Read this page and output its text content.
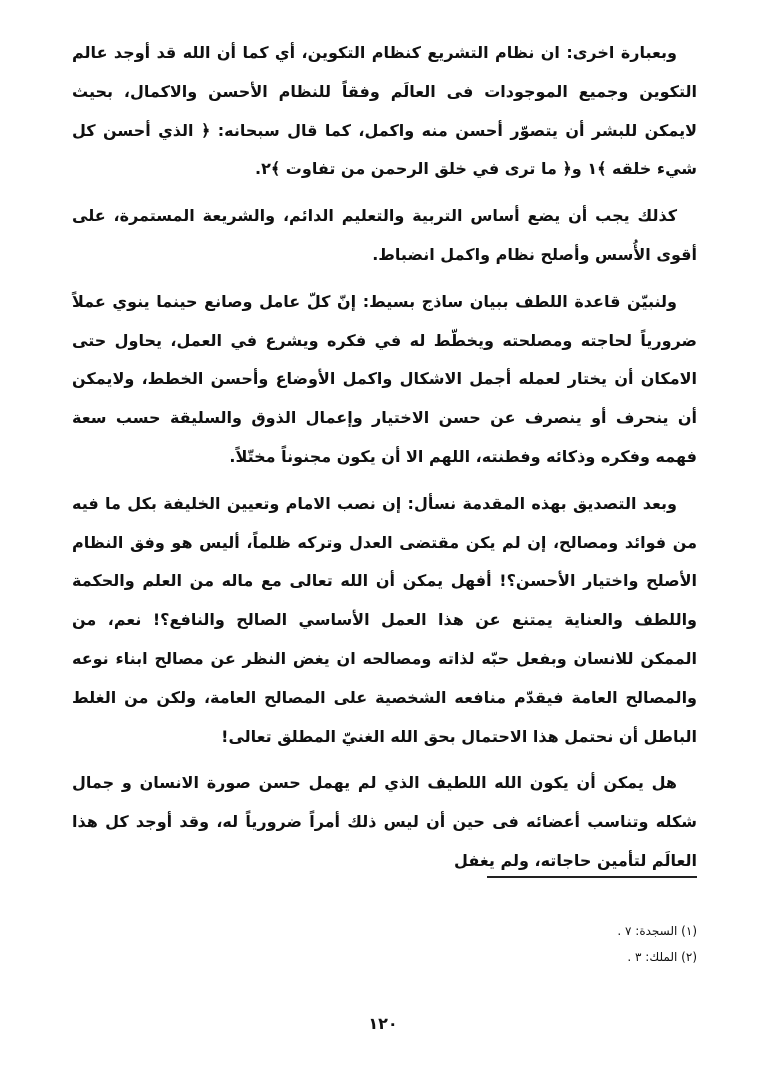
وبعبارة اخرى: ان نظام التشريع كنظام التكوين، أي كما أن الله قد أوجد عالم التكوين وجميع الموجودات فى العالَم وفقاً للنظام الأحسن والاكمال، بحيث لايمكن للبشر أن يتصوّر أحسن منه واكمل، كما قال سبحانه: ﴿ الذي أحسن كل شيء خلقه ﴾١ و﴿ ما ترى في خلق الرحمن من تفاوت ﴾٢.

كذلك يجب أن يضع أساس التربية والتعليم الدائم، والشريعة المستمرة، على أقوى الأُسس وأصلح نظام واكمل انضباط.

ولنبيّن قاعدة اللطف ببيان ساذج بسيط: إنّ كلّ عامل وصانع حينما ينوي عملاً ضرورياً لحاجته ومصلحته ويخطّط له في فكره ويشرع في العمل، يحاول حتى الامكان أن يختار لعمله أجمل الاشكال واكمل الأوضاع وأحسن الخطط، ولايمكن أن ينحرف أو ينصرف عن حسن الاختيار وإعمال الذوق والسليقة حسب سعة فهمه وفكره وذكائه وفطنته، اللهم الا أن يكون مجنوناً مختّلاً.

وبعد التصديق بهذه المقدمة نسأل: إن نصب الامام وتعيين الخليفة بكل ما فيه من فوائد ومصالح، إن لم يكن مقتضى العدل وتركه ظلماً، أليس هو وفق النظام الأصلح واختيار الأحسن؟! أفهل يمكن أن الله تعالى مع ماله من العلم والحكمة واللطف والعناية يمتنع عن هذا العمل الأساسي الصالح والنافع؟! نعم، من الممكن للانسان وبفعل حبّه لذاته ومصالحه ان يغض النظر عن مصالح ابناء نوعه والمصالح العامة فيقدّم منافعه الشخصية على المصالح العامة، ولكن من الغلط الباطل أن نحتمل هذا الاحتمال بحق الله الغنيّ المطلق تعالى!

هل يمكن أن يكون الله اللطيف الذي لم يهمل حسن صورة الانسان و جمال شكله وتناسب أعضائه فى حين أن ليس ذلك أمراً ضرورياً له، وقد أوجد كل هذا العالَم لتأمين حاجاته، ولم يغفل

(١) السجدة: ٧ .
(٢) الملك: ٣ .
١٢٠
